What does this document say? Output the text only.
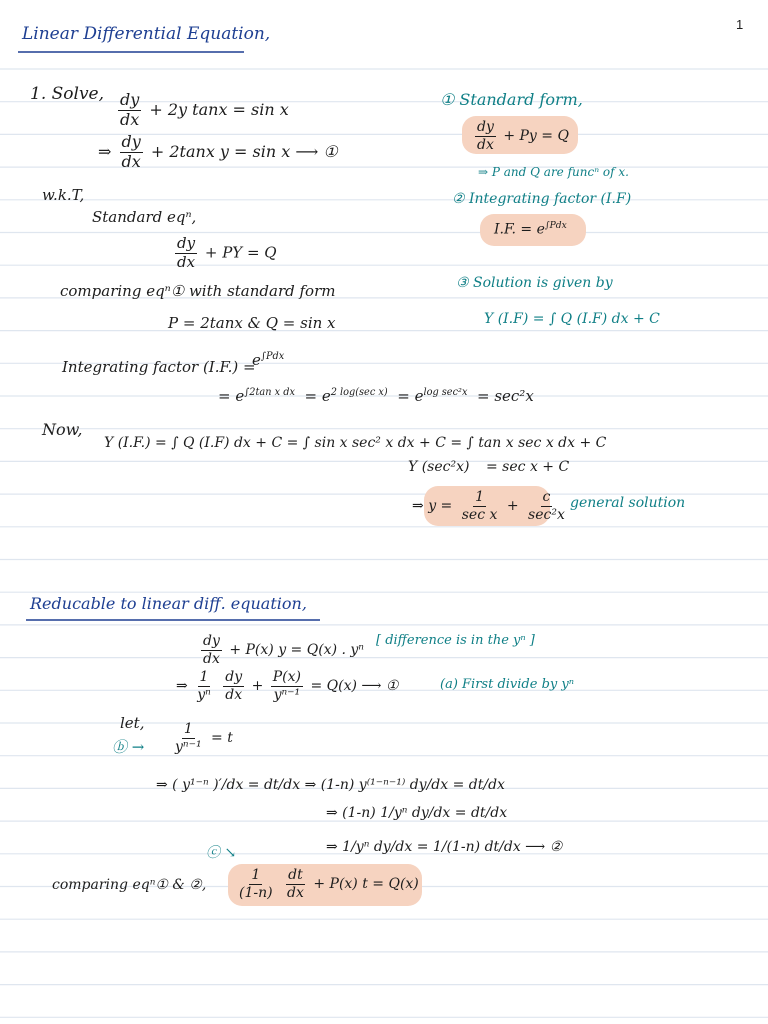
1
Linear Differential Equation,
1. Solve, $\frac{dy}{dx} + 2y$ tanx = sin x
⇒ $\frac{dy}{dx} + 2\tan x$ y = sin x ⟶ ①
w.k.T,
Standard eqⁿ,
$\frac{dy}{dx}$ + PY = Q
comparing eqⁿ① with standard form
P = 2tanx & Q = sin x
Integrating factor (I.F.) =
$e^{\int Pdx}$
= $e^{\int 2tan x dx} = e^{2 log(sec x)} = e^{log sec^2x} = \sec^2x$
Now,
Y (I.F.) = ∫ Q (I.F) dx + C = ∫ sin x sec² x dx + C = ∫ tan x sec x dx + C
Y (sec²x) = sec x + C
⇒ $y = \frac{1}{\text{sec x}} + \frac{c}{\text{sec²x}}$ general solution
① Standard form,
$\frac{dy}{dx} + Py = Q$
⇒ P and Q are funcⁿ of x.
② Integrating factor (I.F)
I.F. = $e^{\int Pdx}$
③ Solution is given by
Y (I.F) = ∫ Q (I.F) dx + C
Reducable to linear diff. equation,
$\frac{dy}{dx} + P(x) y = Q(x)$ . yⁿ
[ difference is in the yⁿ ]
⇒ $\frac{1}{\text{yⁿ}}$
$\frac{dy}{dx} + \frac{P(x)}{\text{yⁿ⁻¹}} = Q(x)$ ⟶ ①	(a) First divide by yⁿ
let,
ⓑ → $\frac{1}{\text{yⁿ⁻¹}} = t$
⇒ ( y¹⁻ⁿ )′/dx = dt/dx ⇒ (1-n) y⁽¹⁻ⁿ⁻¹⁾ dy/dx = dt/dx
⇒ (1-n) 1/yⁿ dy/dx = dt/dx
⇒ 1/yⁿ dy/dx = 1/(1-n) dt/dx ⟶ ②
ⓒ ↘
comparing eqⁿ① & ②, $\frac{1}{(1-n)}$
$\frac{dt}{dx} + P(x) t = Q(x)$
